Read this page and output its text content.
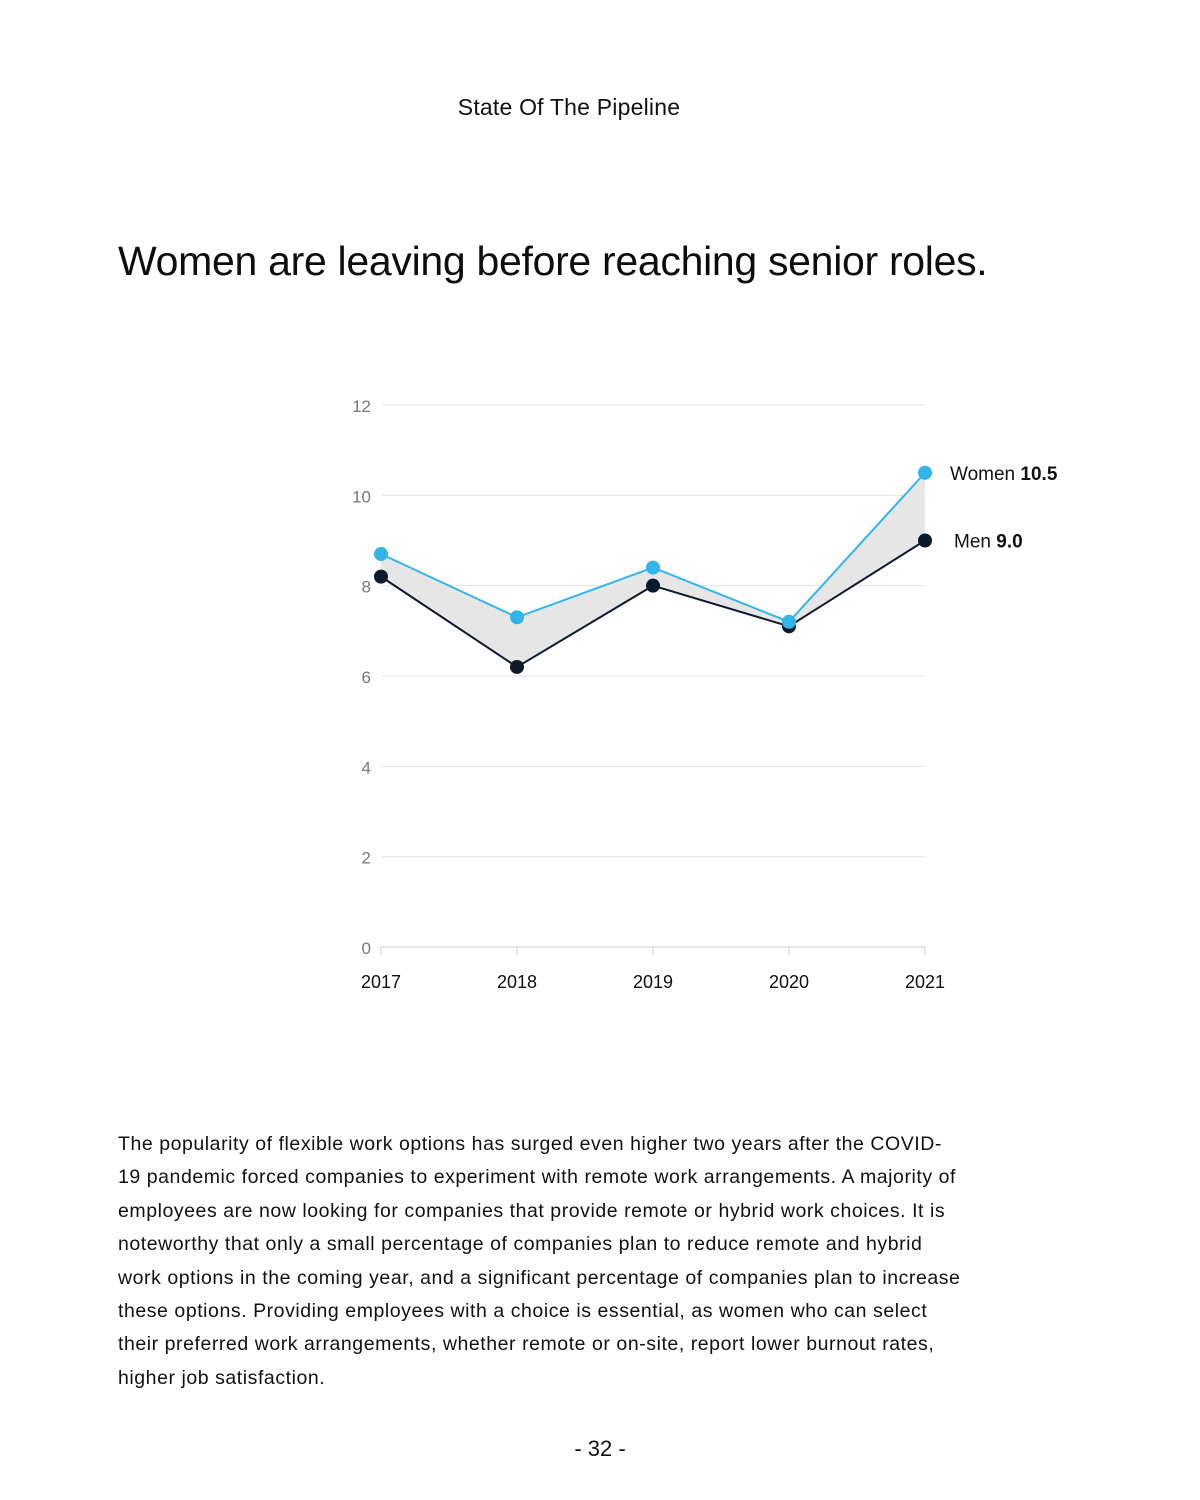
State Of The Pipeline
Women are leaving before reaching senior roles.
0
2
4
6
8
10
12
2017	2018	2019	2020	2021
Women 10.5
Men 9.0

The popularity of flexible work options has surged even higher two years after the COVID-19 pandemic forced companies to experiment with remote work arrangements. A majority of employees are now looking for companies that provide remote or hybrid work choices. It is noteworthy that only a small percentage of companies plan to reduce remote and hybrid work options in the coming year, and a significant percentage of companies plan to increase these options. Providing employees with a choice is essential, as women who can select their preferred work arrangements, whether remote or on-site, report lower burnout rates, higher job satisfaction.

- 32 -
